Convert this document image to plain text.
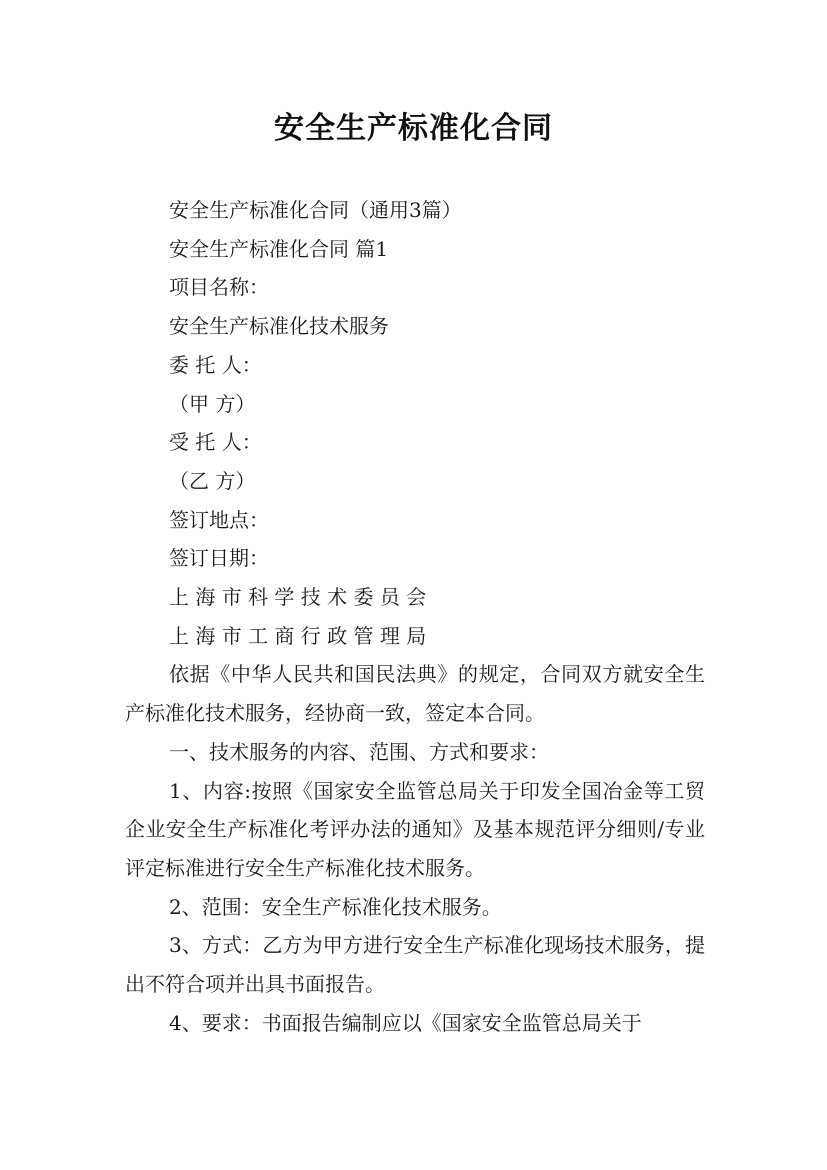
安全生产标准化合同

安全生产标准化合同（通用3篇）

安全生产标准化合同 篇1

项目名称：

安全生产标准化技术服务

委 托 人：

（甲 方）

受 托 人：

（乙 方）

签订地点：

签订日期：

上 海 市 科 学 技 术 委 员 会

上 海 市 工 商 行 政 管 理 局

依据《中华人民共和国民法典》的规定，合同双方就安全生产标准化技术服务，经协商一致，签定本合同。

一、技术服务的内容、范围、方式和要求：

1、内容:按照《国家安全监管总局关于印发全国冶金等工贸企业安全生产标准化考评办法的通知》及基本规范评分细则/专业评定标准进行安全生产标准化技术服务。

2、范围：安全生产标准化技术服务。

3、方式：乙方为甲方进行安全生产标准化现场技术服务，提出不符合项并出具书面报告。

4、要求：书面报告编制应以《国家安全监管总局关于
